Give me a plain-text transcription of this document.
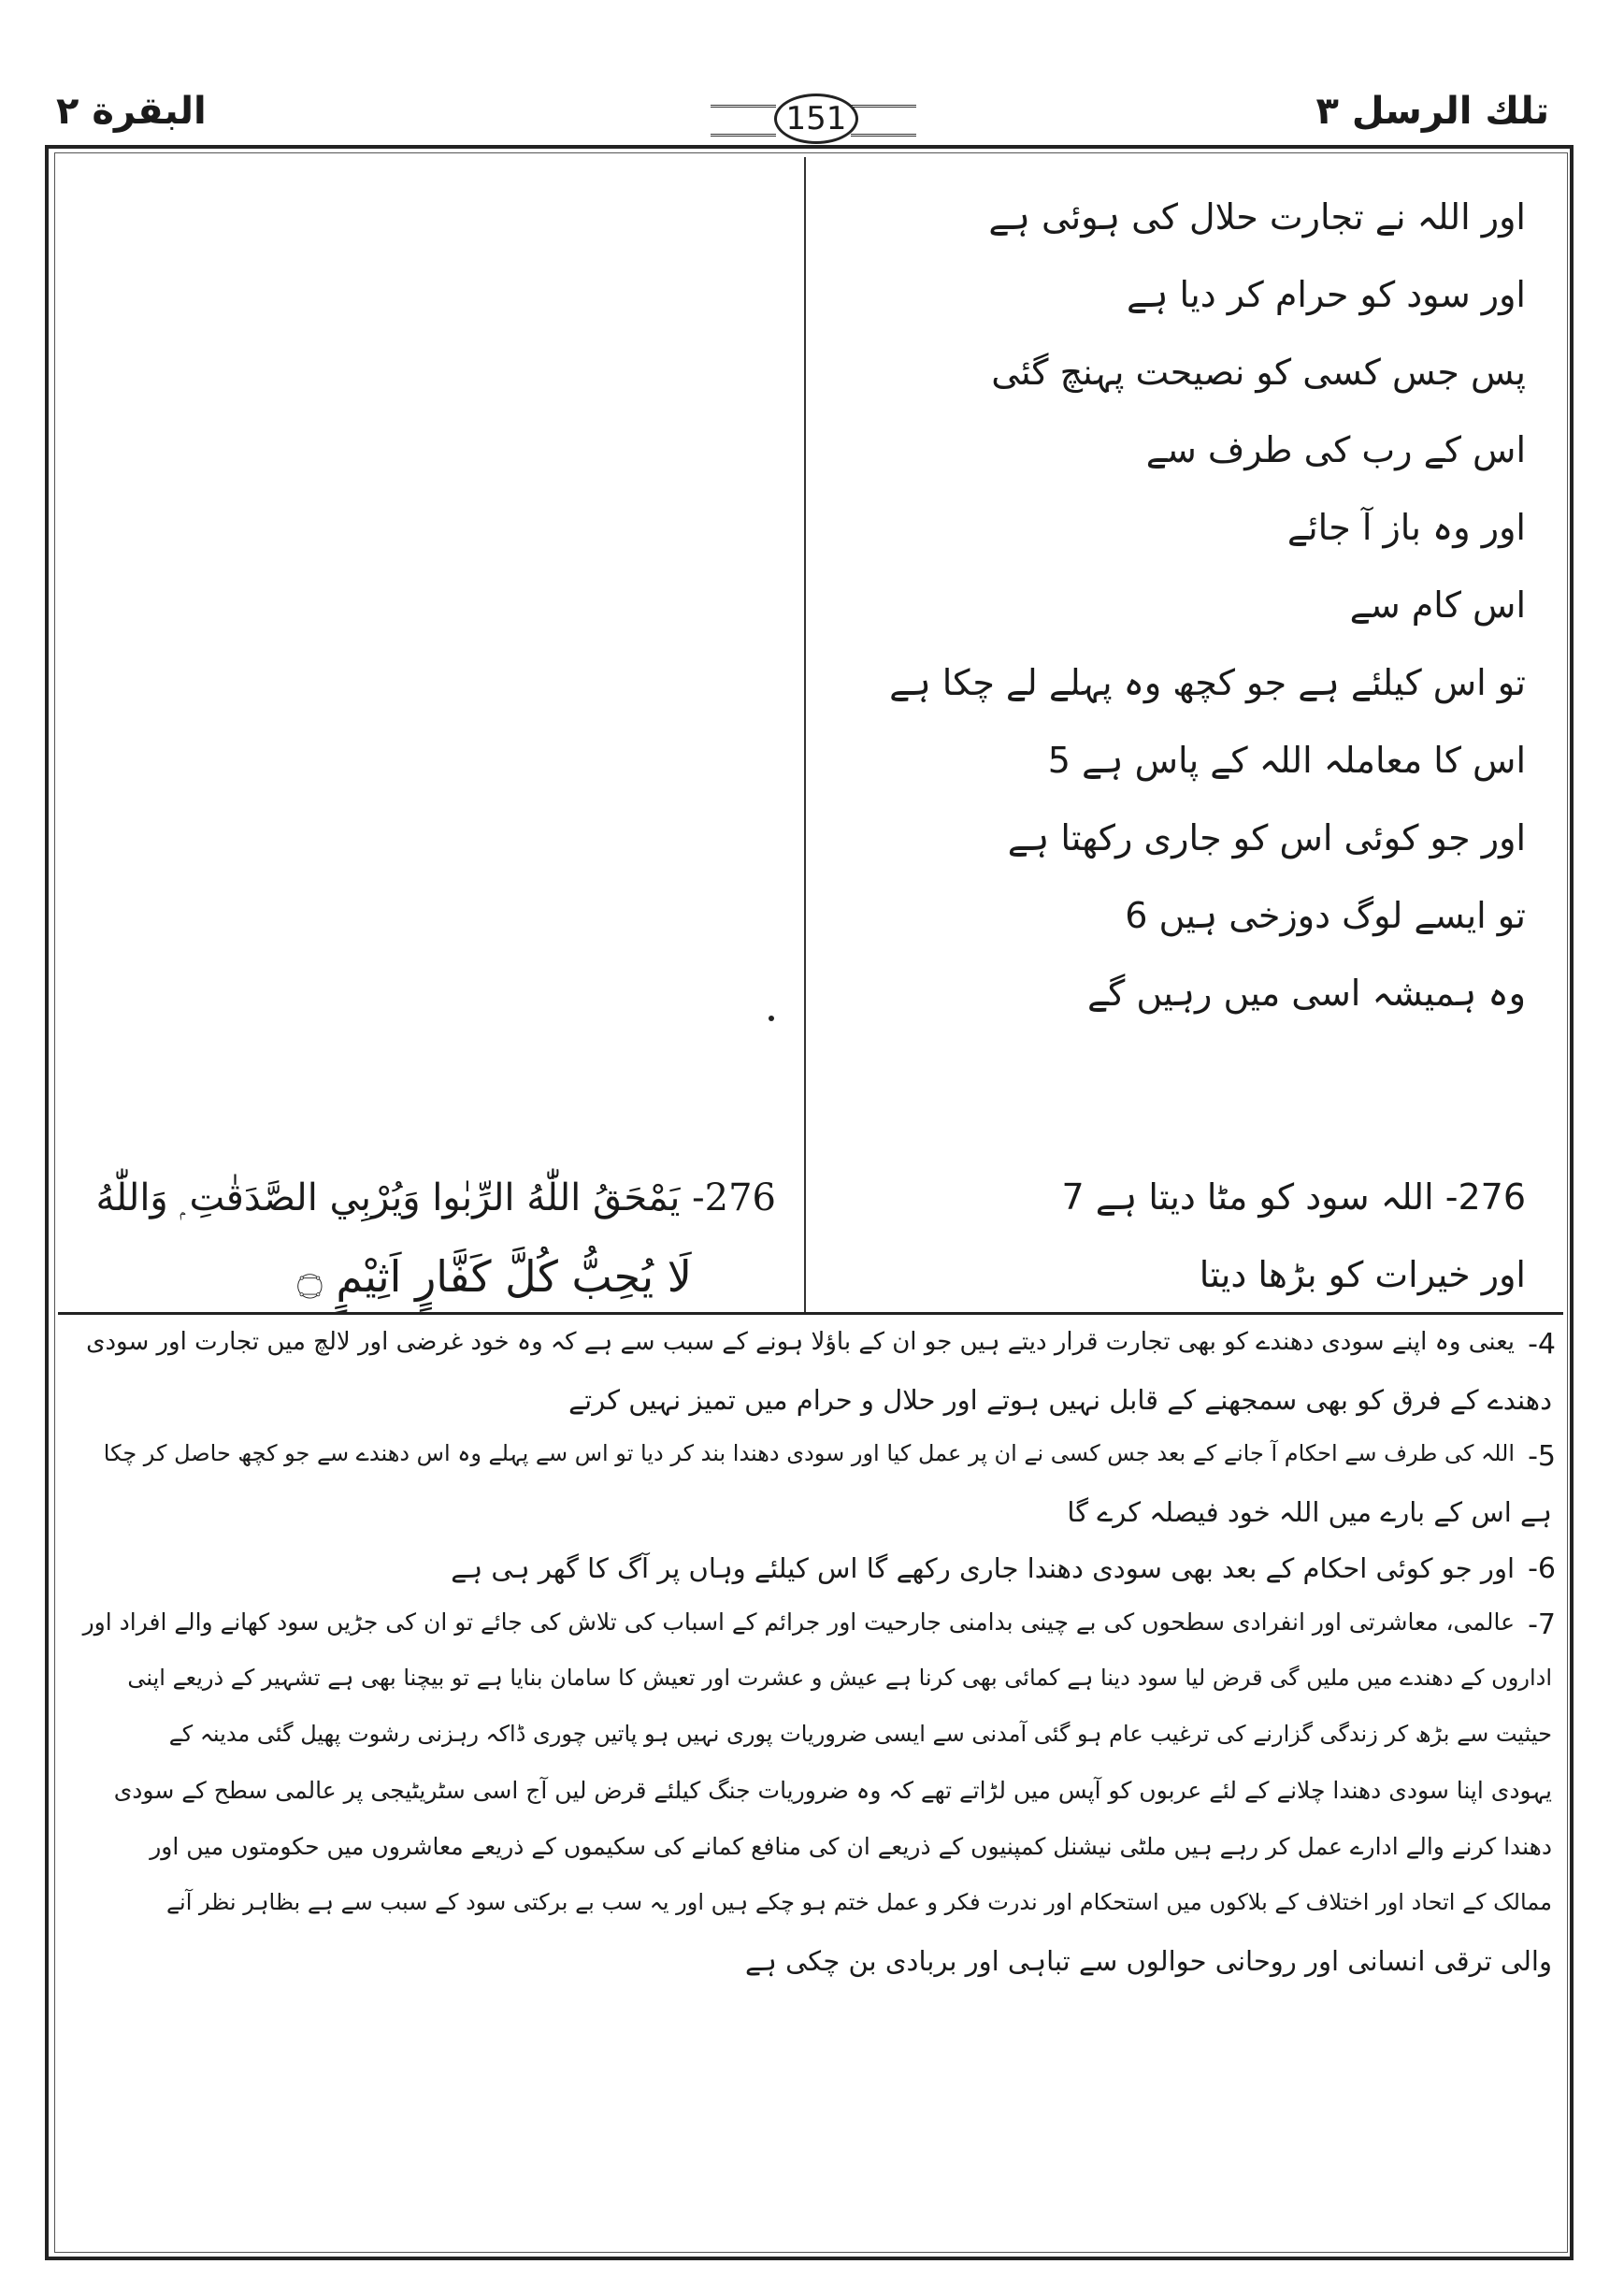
البقرة ۲	151	تلك الرسل ۳
276- يَمْحَقُ اللّٰهُ الرِّبٰوا وَيُرْبِي الصَّدَقٰتِ ۭ وَاللّٰهُ
لَا يُحِبُّ كُلَّ كَفَّارٍ اَثِيْمٍ ۝
اور اللہ نے تجارت حلال کی ہوئی ہے
اور سود کو حرام کر دیا ہے
پس جس کسی کو نصیحت پہنچ گئی
اس کے رب کی طرف سے
اور وہ باز آ جائے
اس کام سے
تو اس کیلئے ہے جو کچھ وہ پہلے لے چکا ہے
اس کا معاملہ اللہ کے پاس ہے 5
اور جو کوئی اس کو جاری رکھتا ہے
تو ایسے لوگ دوزخی ہیں 6
وہ ہمیشہ اسی میں رہیں گے
276- اللہ سود کو مٹا دیتا ہے 7
اور خیرات کو بڑھا دیتا
4-
یعنی وہ اپنے سودی دھندے کو بھی تجارت قرار دیتے ہیں جو ان کے باؤلا ہونے کے سبب سے ہے کہ وہ خود غرضی اور لالچ میں تجارت اور سودی
دھندے کے فرق کو بھی سمجھنے کے قابل نہیں ہوتے اور حلال و حرام میں تمیز نہیں کرتے
5-
اللہ کی طرف سے احکام آ جانے کے بعد جس کسی نے ان پر عمل کیا اور سودی دھندا بند کر دیا تو اس سے پہلے وہ اس دھندے سے جو کچھ حاصل کر چکا
ہے اس کے بارے میں اللہ خود فیصلہ کرے گا
6-
اور جو کوئی احکام کے بعد بھی سودی دھندا جاری رکھے گا اس کیلئے وہاں پر آگ کا گھر ہی ہے
7-
عالمی، معاشرتی اور انفرادی سطحوں کی بے چینی بدامنی جارحیت اور جرائم کے اسباب کی تلاش کی جائے تو ان کی جڑیں سود کھانے والے افراد اور
اداروں کے دھندے میں ملیں گی قرض لیا سود دینا ہے کمائی بھی کرنا ہے عیش و عشرت اور تعیش کا سامان بنایا ہے تو بیچنا بھی ہے تشہیر کے ذریعے اپنی
حیثیت سے بڑھ کر زندگی گزارنے کی ترغیب عام ہو گئی آمدنی سے ایسی ضروریات پوری نہیں ہو پاتیں چوری ڈاکہ رہزنی رشوت پھیل گئی مدینہ کے
یہودی اپنا سودی دھندا چلانے کے لئے عربوں کو آپس میں لڑاتے تھے کہ وہ ضروریات جنگ کیلئے قرض لیں آج اسی سٹریٹیجی پر عالمی سطح کے سودی
دھندا کرنے والے ادارے عمل کر رہے ہیں ملٹی نیشنل کمپنیوں کے ذریعے ان کی منافع کمانے کی سکیموں کے ذریعے معاشروں میں حکومتوں میں اور
ممالک کے اتحاد اور اختلاف کے بلاکوں میں استحکام اور ندرت فکر و عمل ختم ہو چکے ہیں اور یہ سب بے برکتی سود کے سبب سے ہے بظاہر نظر آنے
والی ترقی انسانی اور روحانی حوالوں سے تباہی اور بربادی بن چکی ہے
